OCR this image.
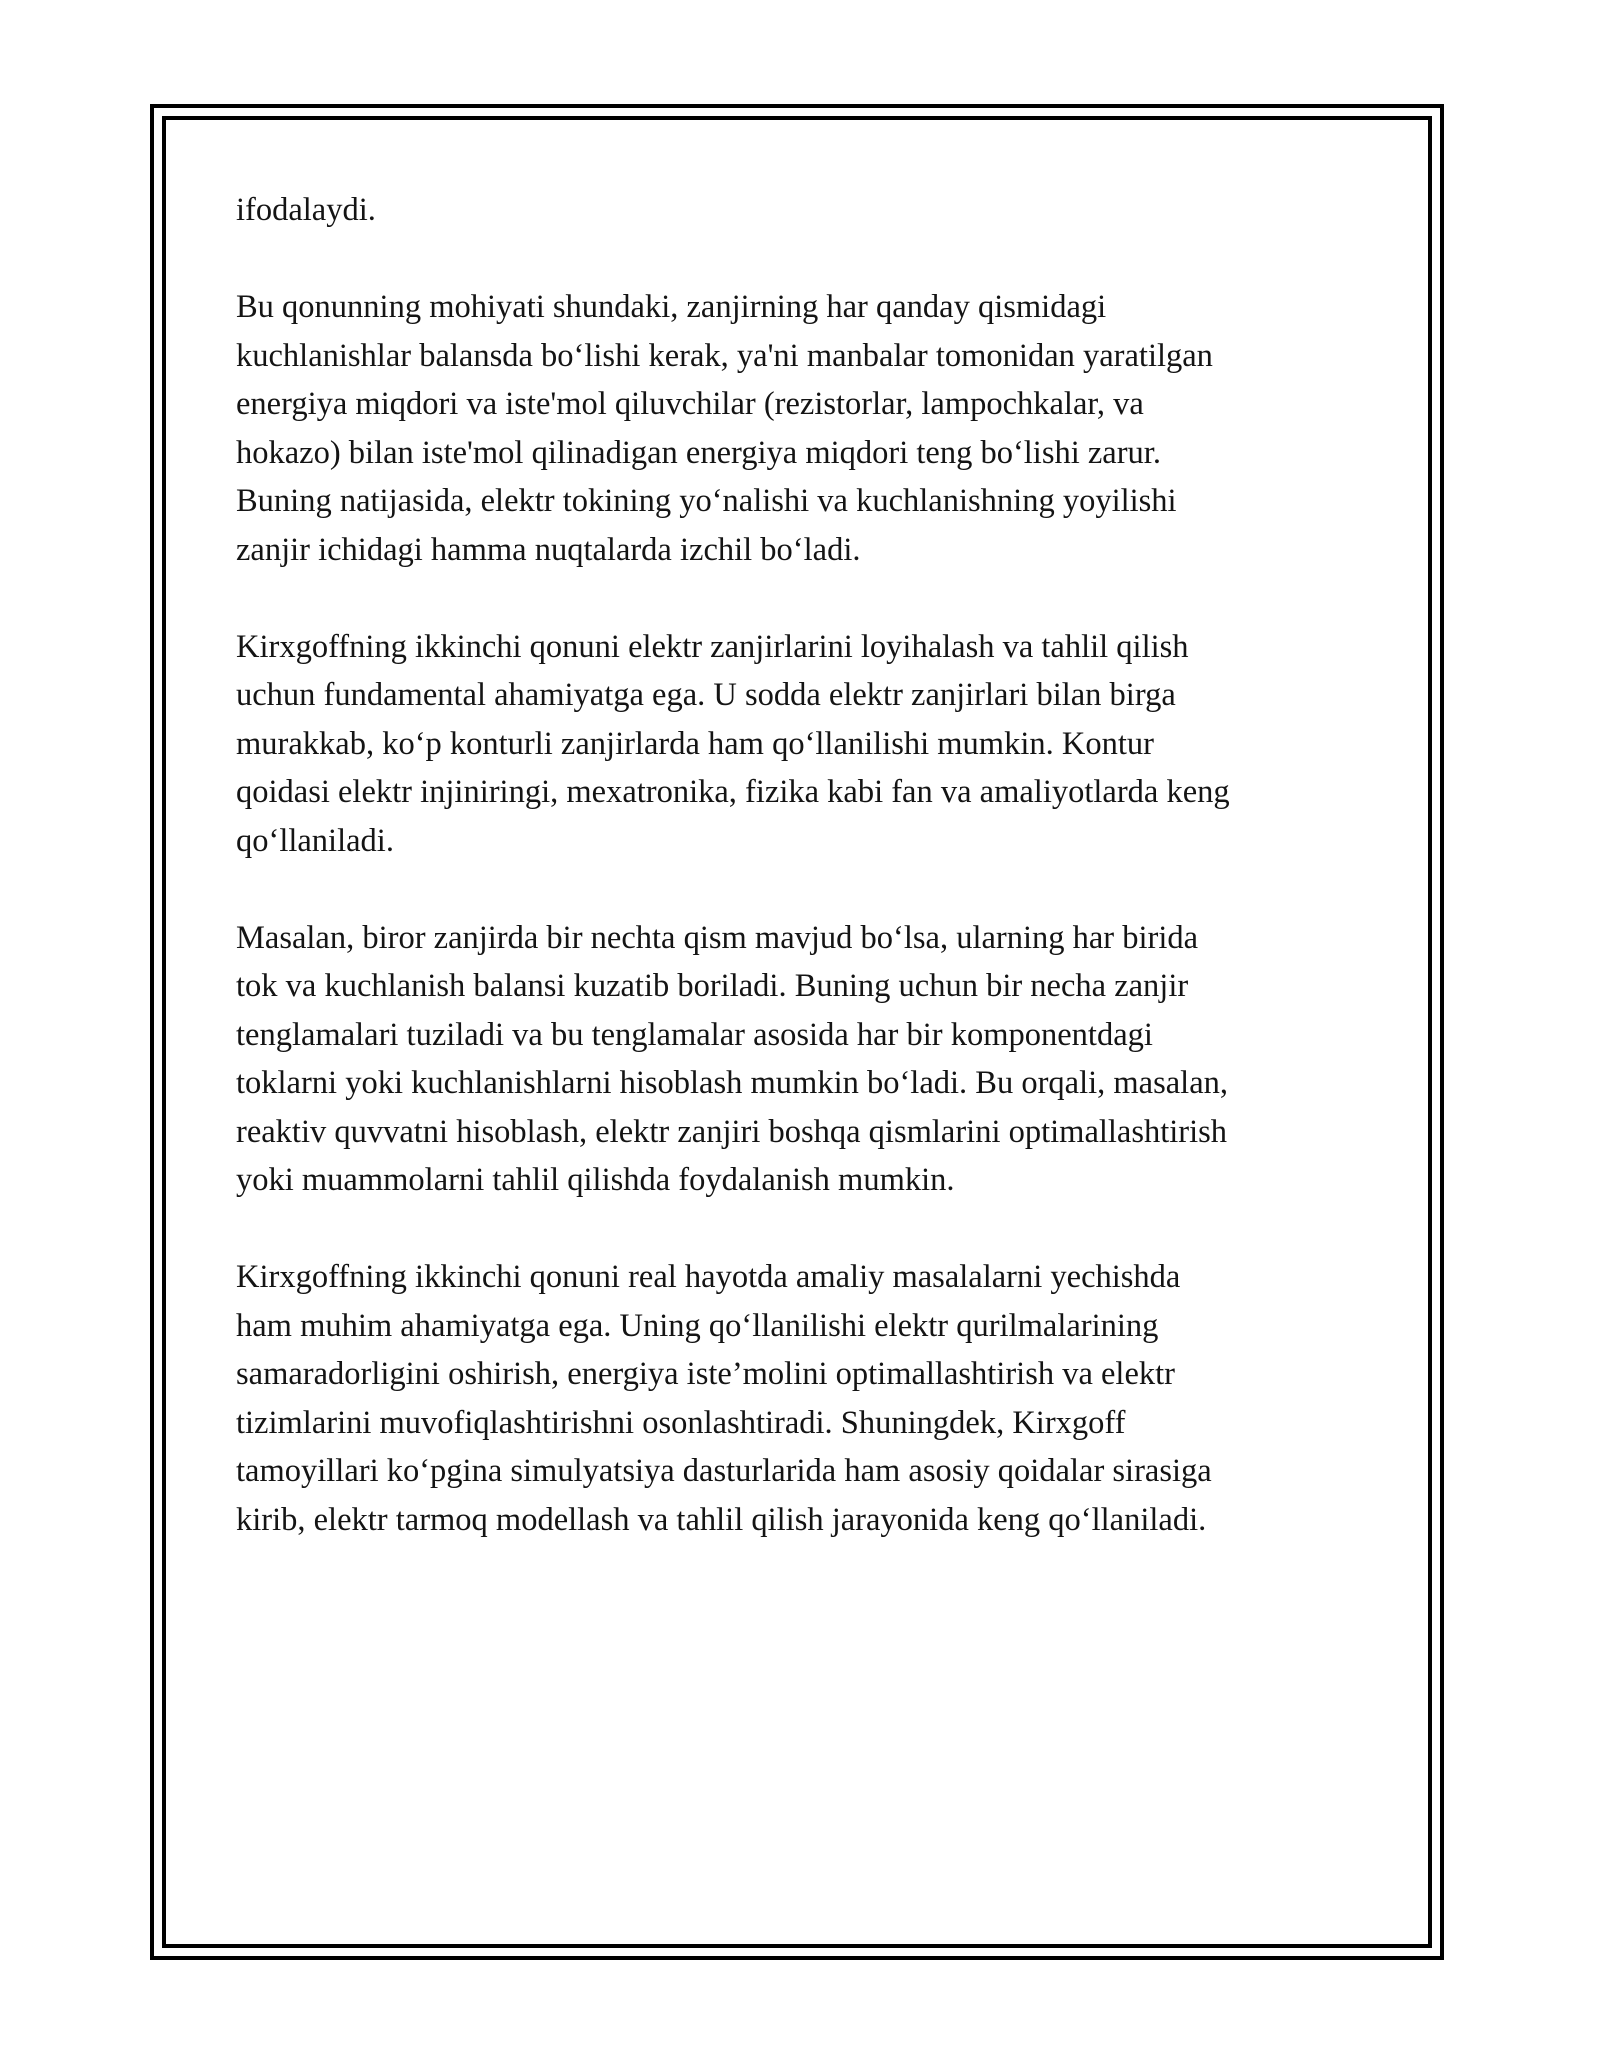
ifodalaydi.

Bu qonunning mohiyati shundaki, zanjirning har qanday qismidagi
kuchlanishlar balansda bo‘lishi kerak, ya'ni manbalar tomonidan yaratilgan
energiya miqdori va iste'mol qiluvchilar (rezistorlar, lampochkalar, va
hokazo) bilan iste'mol qilinadigan energiya miqdori teng bo‘lishi zarur.
Buning natijasida, elektr tokining yo‘nalishi va kuchlanishning yoyilishi
zanjir ichidagi hamma nuqtalarda izchil bo‘ladi.

Kirxgoffning ikkinchi qonuni elektr zanjirlarini loyihalash va tahlil qilish
uchun fundamental ahamiyatga ega. U sodda elektr zanjirlari bilan birga
murakkab, ko‘p konturli zanjirlarda ham qo‘llanilishi mumkin. Kontur
qoidasi elektr injiniringi, mexatronika, fizika kabi fan va amaliyotlarda keng
qo‘llaniladi.

Masalan, biror zanjirda bir nechta qism mavjud bo‘lsa, ularning har birida
tok va kuchlanish balansi kuzatib boriladi. Buning uchun bir necha zanjir
tenglamalari tuziladi va bu tenglamalar asosida har bir komponentdagi
toklarni yoki kuchlanishlarni hisoblash mumkin bo‘ladi. Bu orqali, masalan,
reaktiv quvvatni hisoblash, elektr zanjiri boshqa qismlarini optimallashtirish
yoki muammolarni tahlil qilishda foydalanish mumkin.

Kirxgoffning ikkinchi qonuni real hayotda amaliy masalalarni yechishda
ham muhim ahamiyatga ega. Uning qo‘llanilishi elektr qurilmalarining
samaradorligini oshirish, energiya iste’molini optimallashtirish va elektr
tizimlarini muvofiqlashtirishni osonlashtiradi. Shuningdek, Kirxgoff
tamoyillari ko‘pgina simulyatsiya dasturlarida ham asosiy qoidalar sirasiga
kirib, elektr tarmoq modellash va tahlil qilish jarayonida keng qo‘llaniladi.
